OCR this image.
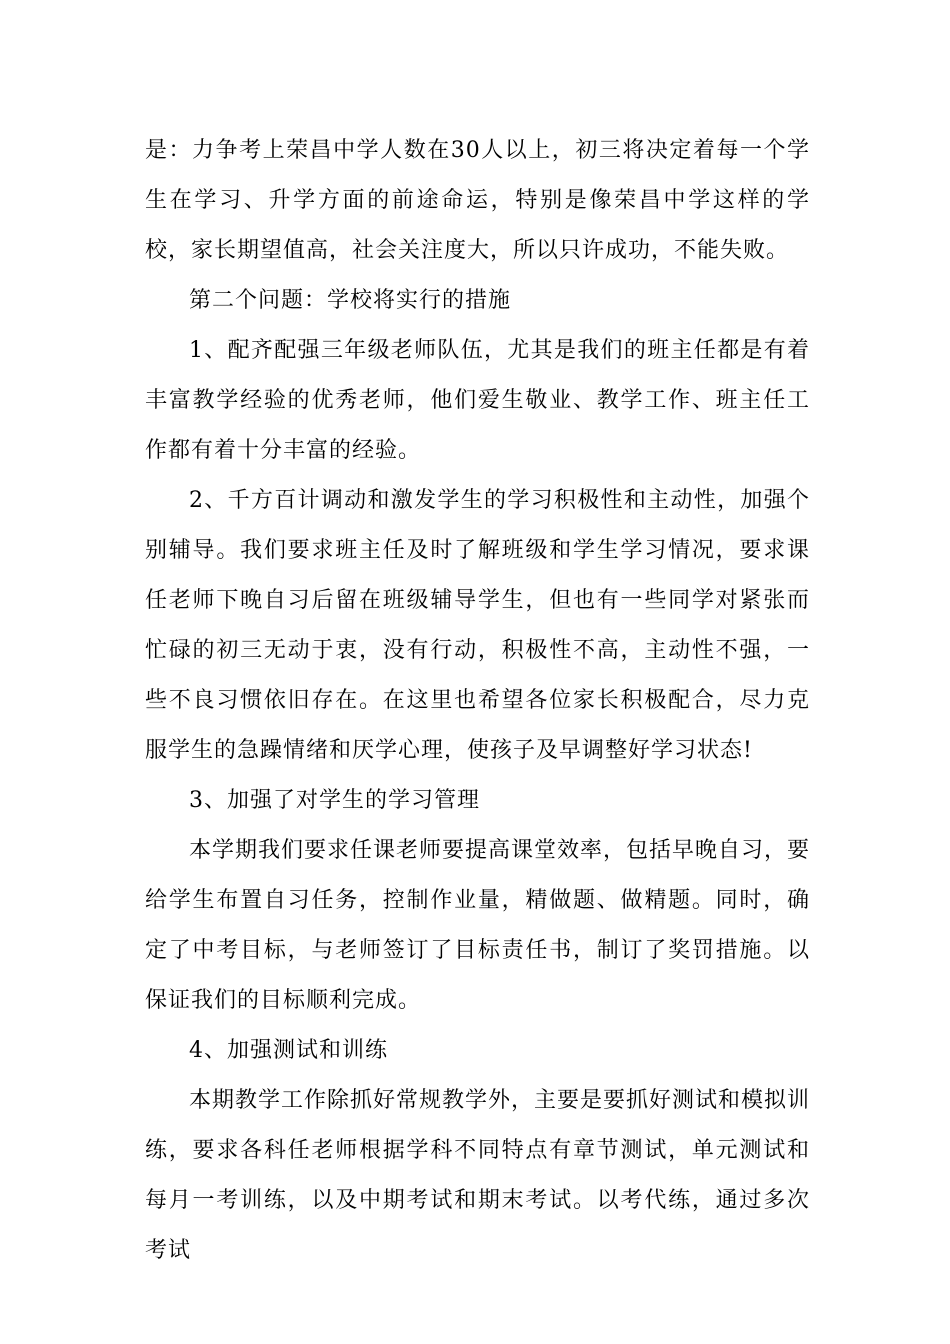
是：力争考上荣昌中学人数在30人以上，初三将决定着每一个学生在学习、升学方面的前途命运，特别是像荣昌中学这样的学校，家长期望值高，社会关注度大，所以只许成功，不能失败。

第二个问题：学校将实行的措施

1、配齐配强三年级老师队伍，尤其是我们的班主任都是有着丰富教学经验的优秀老师，他们爱生敬业、教学工作、班主任工作都有着十分丰富的经验。

2、千方百计调动和激发学生的学习积极性和主动性，加强个别辅导。我们要求班主任及时了解班级和学生学习情况，要求课任老师下晚自习后留在班级辅导学生，但也有一些同学对紧张而忙碌的初三无动于衷，没有行动，积极性不高，主动性不强，一些不良习惯依旧存在。在这里也希望各位家长积极配合，尽力克服学生的急躁情绪和厌学心理，使孩子及早调整好学习状态!

3、加强了对学生的学习管理

本学期我们要求任课老师要提高课堂效率，包括早晚自习，要给学生布置自习任务，控制作业量，精做题、做精题。同时，确定了中考目标，与老师签订了目标责任书，制订了奖罚措施。以保证我们的目标顺利完成。

4、加强测试和训练

本期教学工作除抓好常规教学外，主要是要抓好测试和模拟训练，要求各科任老师根据学科不同特点有章节测试，单元测试和每月一考训练，以及中期考试和期末考试。以考代练，通过多次考试
